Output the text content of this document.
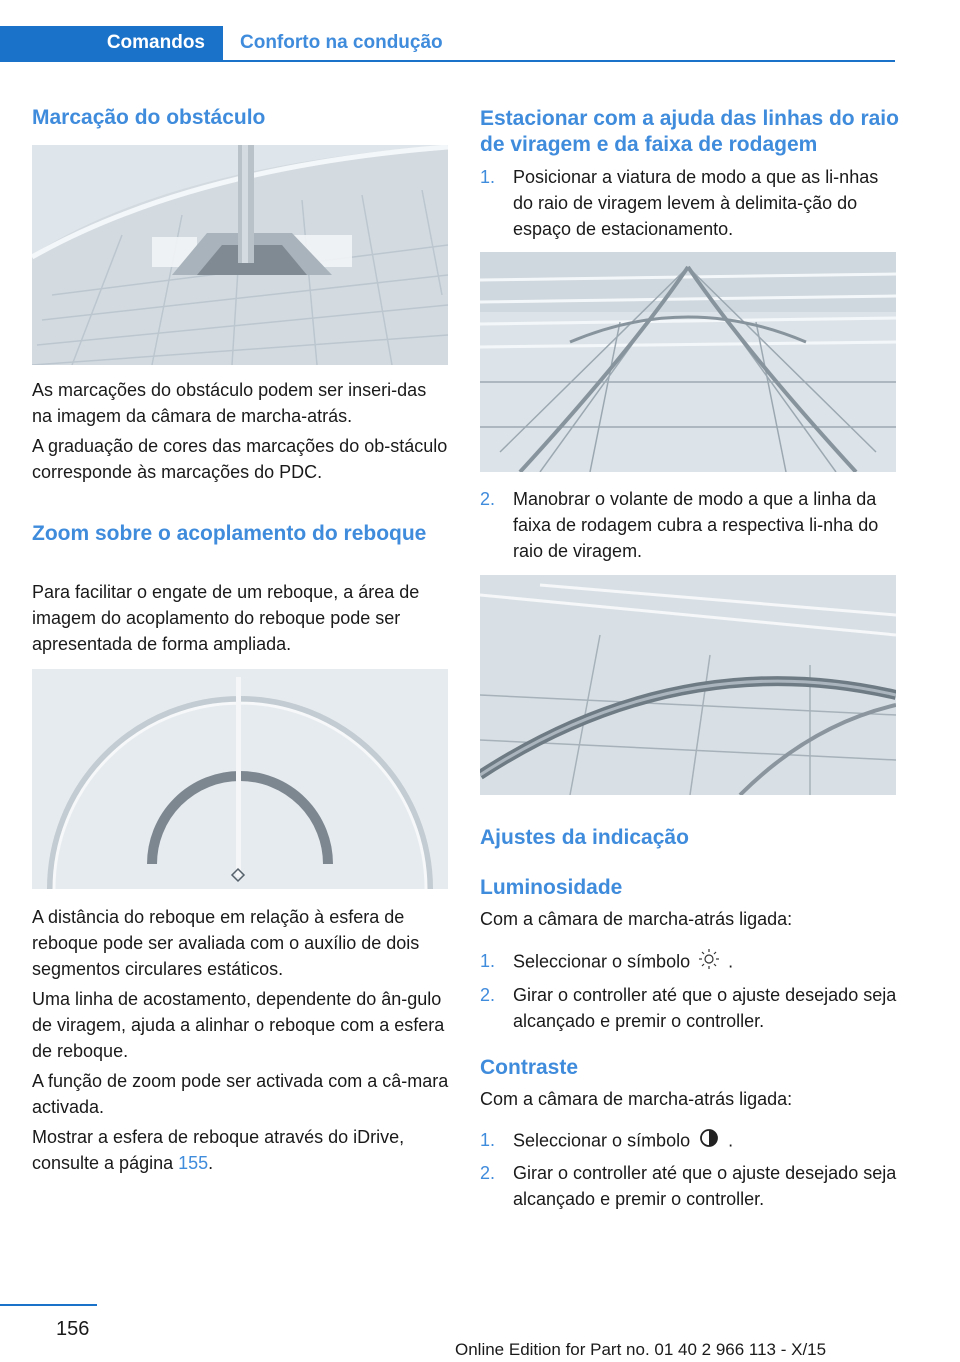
Comandos	Conforto na condução
Marcação do obstáculo

As marcações do obstáculo podem ser inseri-das na imagem da câmara de marcha-atrás.

A graduação de cores das marcações do ob-stáculo corresponde às marcações do PDC.

Zoom sobre o acoplamento do reboque

Para facilitar o engate de um reboque, a área de imagem do acoplamento do reboque pode ser apresentada de forma ampliada.

A distância do reboque em relação à esfera de reboque pode ser avaliada com o auxílio de dois segmentos circulares estáticos.

Uma linha de acostamento, dependente do ân-gulo de viragem, ajuda a alinhar o reboque com a esfera de reboque.

A função de zoom pode ser activada com a câ-mara activada.

Mostrar a esfera de reboque através do iDrive, consulte a página 155.

Estacionar com a ajuda das linhas do raio de viragem e da faixa de rodagem
1. Posicionar a viatura de modo a que as li-nhas do raio de viragem levem à delimita-ção do espaço de estacionamento.
2. Manobrar o volante de modo a que a linha da faixa de rodagem cubra a respectiva li-nha do raio de viragem.
Ajustes da indicação
Luminosidade

Com a câmara de marcha-atrás ligada:

1. Seleccionar o símbolo .
2. Girar o controller até que o ajuste desejado seja alcançado e premir o controller.
Contraste

Com a câmara de marcha-atrás ligada:

1. Seleccionar o símbolo .
2. Girar o controller até que o ajuste desejado seja alcançado e premir o controller.
156
Online Edition for Part no. 01 40 2 966 113 - X/15
